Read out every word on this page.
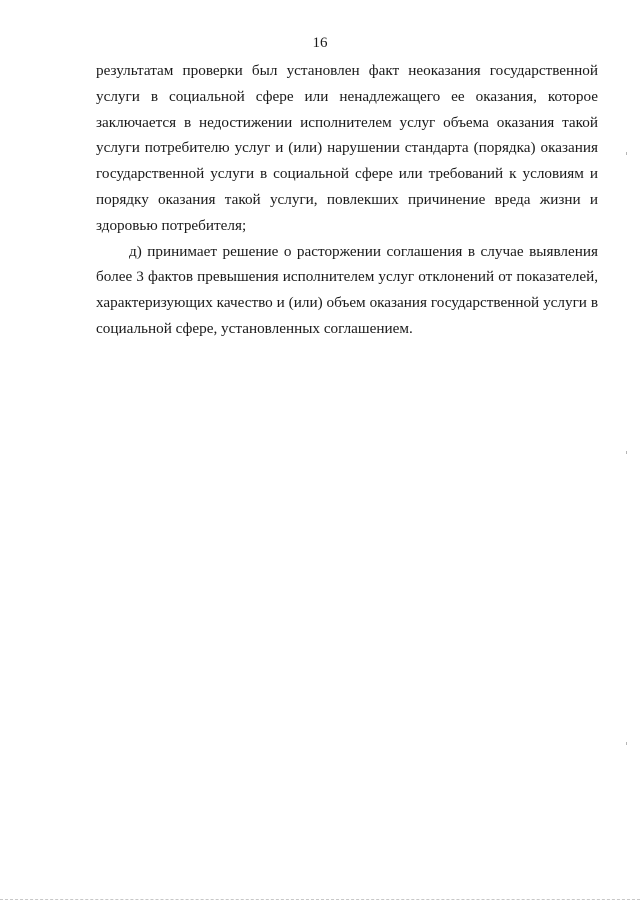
16

результатам проверки был установлен факт неоказания государственной услуги в социальной сфере или ненадлежащего ее оказания, которое заключается в недостижении исполнителем услуг объема оказания такой услуги потребителю услуг и (или) нарушении стандарта (порядка) оказания государственной услуги в социальной сфере или требований к условиям и порядку оказания такой услуги, повлекших причинение вреда жизни и здоровью потребителя;

д) принимает решение о расторжении соглашения в случае выявления более 3 фактов превышения исполнителем услуг отклонений от показателей, характеризующих качество и (или) объем оказания государственной услуги в социальной сфере, установленных соглашением.
